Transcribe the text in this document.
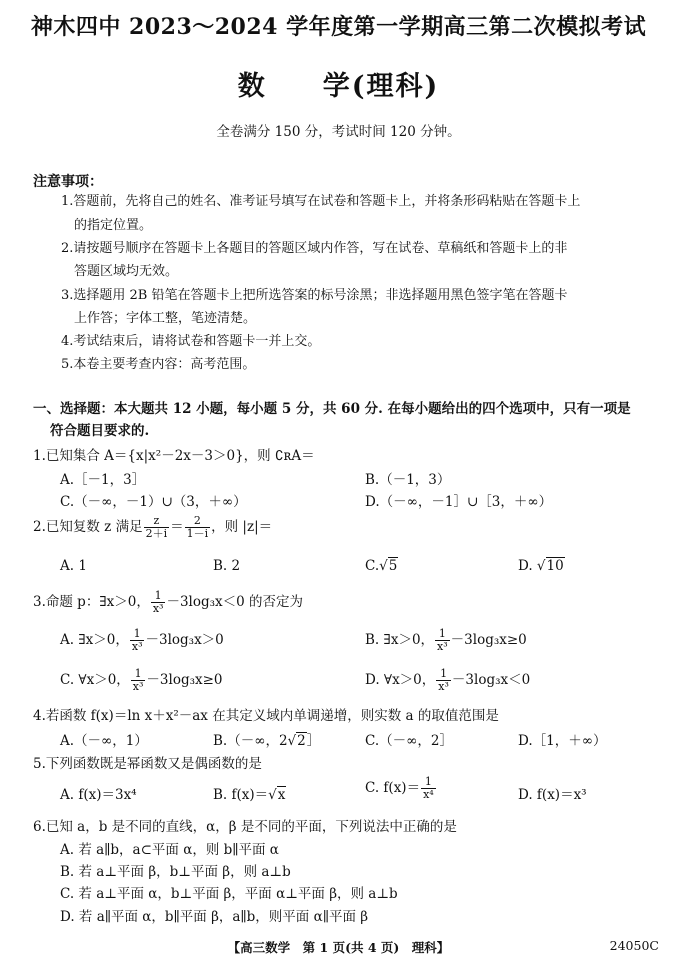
神木四中 2023～2024 学年度第一学期高三第二次模拟考试
数 学(理科)
全卷满分 150 分，考试时间 120 分钟。
注意事项：
1.答题前，先将自己的姓名、准考证号填写在试卷和答题卡上，并将条形码粘贴在答题卡上
的指定位置。
2.请按题号顺序在答题卡上各题目的答题区域内作答，写在试卷、草稿纸和答题卡上的非
答题区域均无效。
3.选择题用 2B 铅笔在答题卡上把所选答案的标号涂黑；非选择题用黑色签字笔在答题卡
上作答；字体工整，笔迹清楚。
4.考试结束后，请将试卷和答题卡一并上交。
5.本卷主要考查内容：高考范围。
一、选择题：本大题共 12 小题，每小题 5 分，共 60 分. 在每小题给出的四个选项中，只有一项是
符合题目要求的.
1.已知集合 A＝{x|x²－2x－3＞0}，则 ∁ʀA＝
A.［－1，3］	B.（－1，3）
C.（－∞，－1）∪（3，＋∞）	D.（－∞，－1］∪［3，＋∞）
2.已知复数 z 满足 $\frac{z}{2+i} = \frac{2}{1-i}$ ，则 |z|＝
A. 1	B. 2	C.√5	D. √10
3.命题 p：∃x＞0， $\frac{1}{\text{x³}} -3\log_3x<0$ 的否定为
A. ∃x＞0， $\frac{1}{\text{x³}} -3\log_3x>0$	B. ∃x＞0， $\frac{1}{\text{x³}} -3\log_3x\ge 0$
C. ∀x＞0， $\frac{1}{\text{x³}} -3\log_3x\ge 0$	D. ∀x＞0， $\frac{1}{\text{x³}} -3\log_3x<0$
4.若函数 f(x)＝ln x＋x²－ax 在其定义域内单调递增，则实数 a 的取值范围是
A.（－∞，1）	B.（－∞，2√2］	C.（－∞，2］	D.［1，＋∞）
5.下列函数既是幂函数又是偶函数的是
A. f(x)＝3x⁴	B. f(x)＝√x	C. $f(x)= \frac{1}{\text{x⁴}}$	D. f(x)＝x³
6.已知 a，b 是不同的直线，α，β 是不同的平面，下列说法中正确的是
A. 若 a∥b，a⊂平面 α，则 b∥平面 α
B. 若 a⊥平面 β，b⊥平面 β，则 a⊥b
C. 若 a⊥平面 α，b⊥平面 β，平面 α⊥平面 β，则 a⊥b
D. 若 a∥平面 α，b∥平面 β，a∥b，则平面 α∥平面 β
【高三数学　第 1 页(共 4 页)　理科】	24050C
